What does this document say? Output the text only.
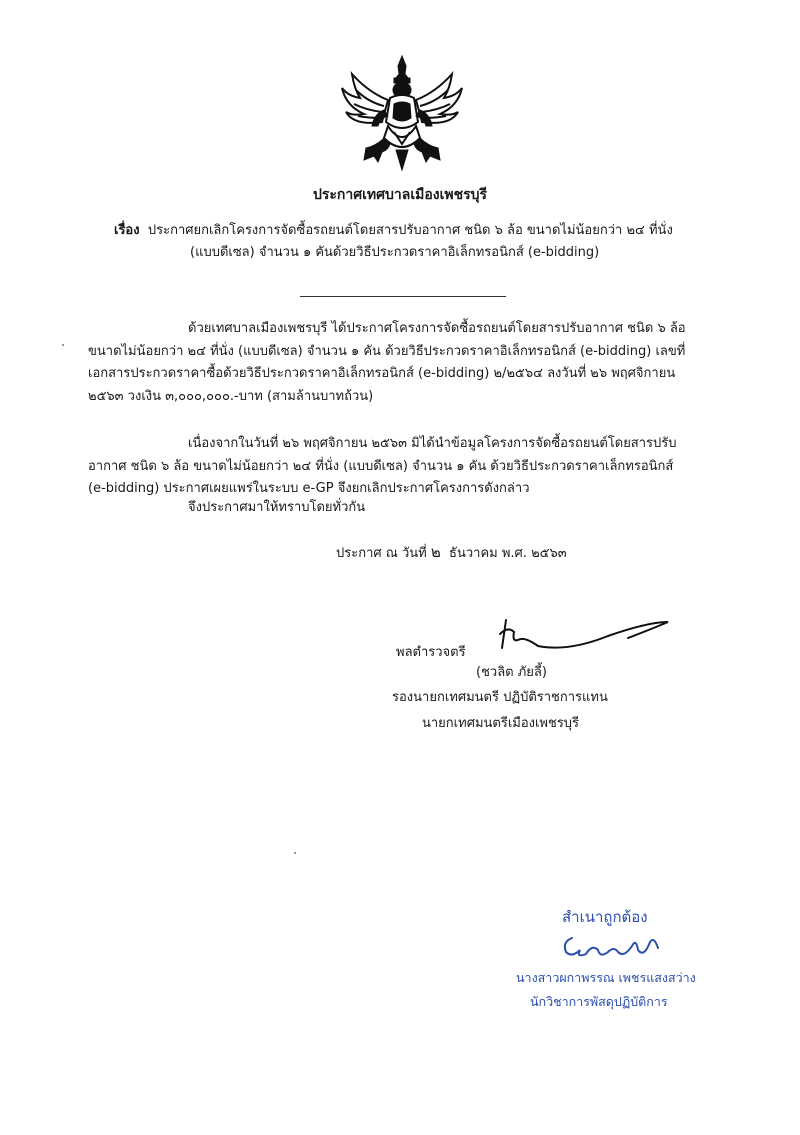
ประกาศเทศบาลเมืองเพชรบุรี
เรื่อง ประกาศยกเลิกโครงการจัดซื้อรถยนต์โดยสารปรับอากาศ ชนิด ๖ ล้อ ขนาดไม่น้อยกว่า ๒๔ ที่นั่ง
(แบบดีเซล) จำนวน ๑ คันด้วยวิธีประกวดราคาอิเล็กทรอนิกส์ (e-bidding)
ด้วยเทศบาลเมืองเพชรบุรี ได้ประกาศโครงการจัดซื้อรถยนต์โดยสารปรับอากาศ ชนิด ๖ ล้อ
ขนาดไม่น้อยกว่า ๒๔ ที่นั่ง (แบบดีเซล) จำนวน ๑ คัน ด้วยวิธีประกวดราคาอิเล็กทรอนิกส์ (e-bidding) เลขที่
เอกสารประกวดราคาซื้อด้วยวิธีประกวดราคาอิเล็กทรอนิกส์ (e-bidding) ๒/๒๕๖๔ ลงวันที่ ๒๖ พฤศจิกายน
๒๕๖๓ วงเงิน ๓,๐๐๐,๐๐๐.-บาท (สามล้านบาทถ้วน)
เนื่องจากในวันที่ ๒๖ พฤศจิกายน ๒๕๖๓ มิได้นำข้อมูลโครงการจัดซื้อรถยนต์โดยสารปรับ
อากาศ ชนิด ๖ ล้อ ขนาดไม่น้อยกว่า ๒๔ ที่นั่ง (แบบดีเซล) จำนวน ๑ คัน ด้วยวิธีประกวดราคาเล็กทรอนิกส์
(e-bidding) ประกาศเผยแพร่ในระบบ e-GP จึงยกเลิกประกาศโครงการดังกล่าว
จึงประกาศมาให้ทราบโดยทั่วกัน
ประกาศ ณ วันที่ ๒ ธันวาคม พ.ศ. ๒๕๖๓
พลตำรวจตรี
(ชวลิต ภัยลี้)
รองนายกเทศมนตรี ปฏิบัติราชการแทน
นายกเทศมนตรีเมืองเพชรบุรี
สำเนาถูกต้อง
นางสาวผกาพรรณ เพชรแสงสว่าง
นักวิชาการพัสดุปฏิบัติการ
